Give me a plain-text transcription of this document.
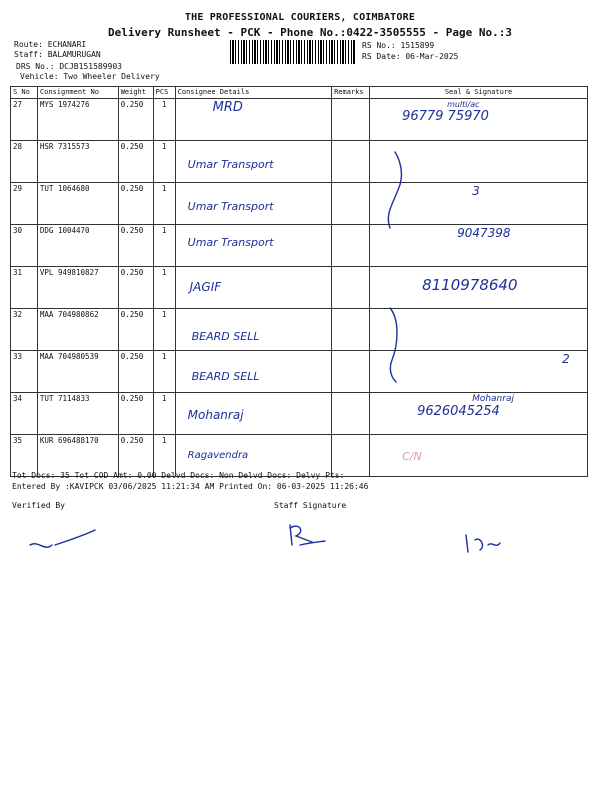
THE PROFESSIONAL COURIERS, COIMBATORE
Delivery Runsheet - PCK - Phone No.:0422-3505555 - Page No.:3
Route: ECHANARI
Staff: BALAMURUGAN
DRS No.: DCJB151589903
Vehicle: Two Wheeler Delivery
RS No.: 1515899
RS Date: 06-Mar-2025
S No	Consignment No	Weight	PCS	Consignee Details	Remarks	Seal & Signature
27	MYS 1974276	0.250	1	MRD		multi/ac
96779 75970

28	HSR 7315573	0.250	1	Umar Transport		

29	TUT 1064680	0.250	1	Umar Transport		3

30	DDG 1004470	0.250	1	Umar Transport		9047398

31	VPL 949810827	0.250	1	JAGIF		8110978640

32	MAA 704980862	0.250	1	BEARD SELL		

33	MAA 704980539	0.250	1	BEARD SELL		2

34	TUT 7114833	0.250	1	Mohanraj		Mohanraj
9626045254

35	KUR 696488170	0.250	1	Ragavendra		C/N
Tot Docs: 35 Tot COD Amt: 0.00 Delvd Docs: Non Delvd Docs: Delvy Pts:
Entered By :KAVIPCK 03/06/2025 11:21:34 AM Printed On: 06-03-2025 11:26:46
Verified By	Staff Signature
